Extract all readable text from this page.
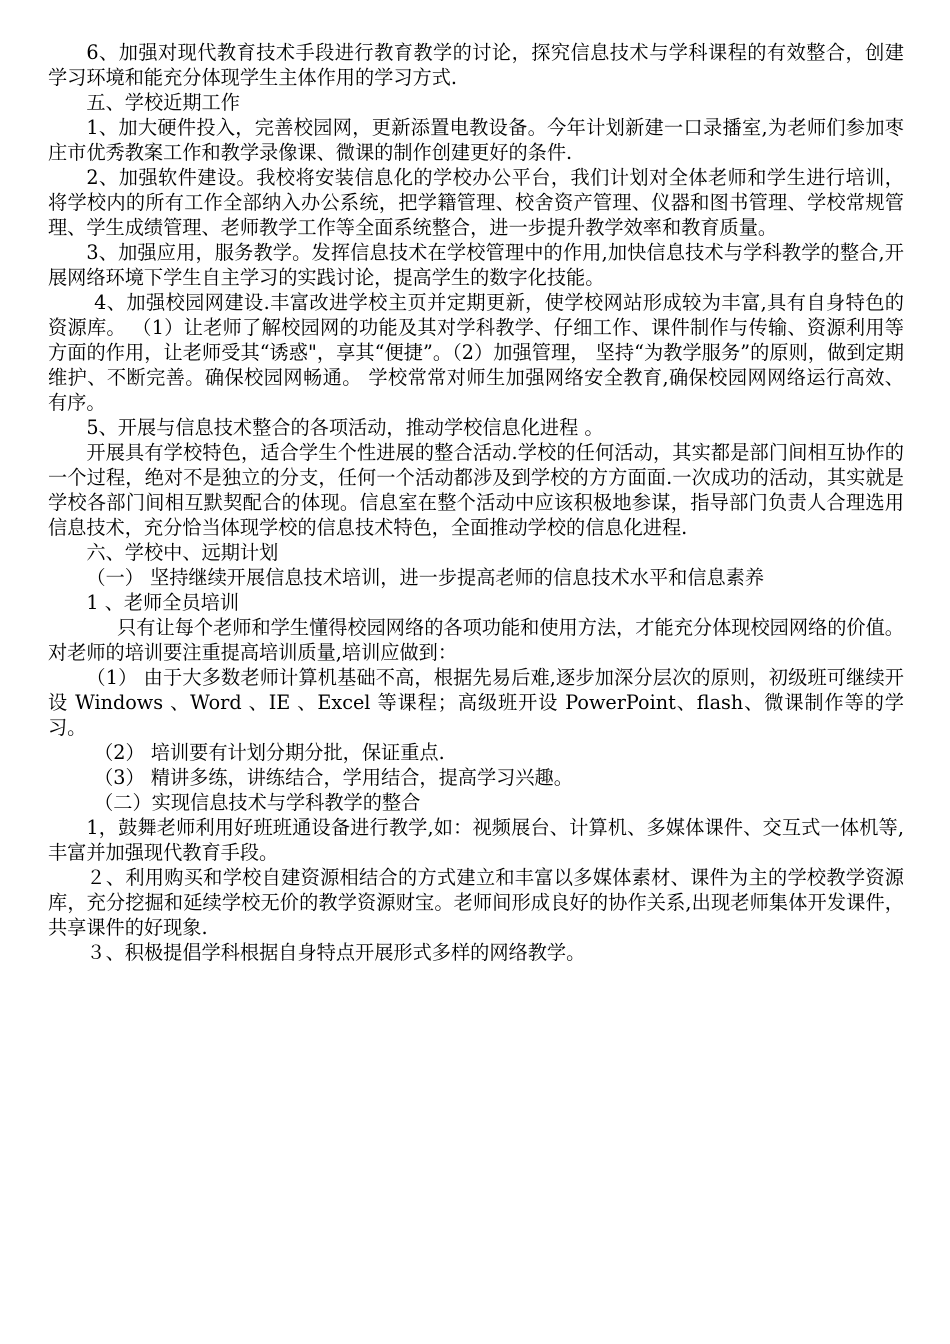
6、加强对现代教育技术手段进行教育教学的讨论，探究信息技术与学科课程的有效整合，创建学习环境和能充分体现学生主体作用的学习方式.

五、学校近期工作

1、加大硬件投入，完善校园网，更新添置电教设备。今年计划新建一口录播室,为老师们参加枣庄市优秀教案工作和教学录像课、微课的制作创建更好的条件.

2、加强软件建设。我校将安装信息化的学校办公平台，我们计划对全体老师和学生进行培训，将学校内的所有工作全部纳入办公系统，把学籍管理、校舍资产管理、仪器和图书管理、学校常规管理、学生成绩管理、老师教学工作等全面系统整合，进一步提升教学效率和教育质量。

3、加强应用，服务教学。发挥信息技术在学校管理中的作用,加快信息技术与学科教学的整合,开展网络环境下学生自主学习的实践讨论，提高学生的数字化技能。

4、加强校园网建设.丰富改进学校主页并定期更新，使学校网站形成较为丰富,具有自身特色的资源库。 （1）让老师了解校园网的功能及其对学科教学、仔细工作、课件制作与传输、资源利用等方面的作用，让老师受其“诱惑"，享其“便捷”。（2）加强管理， 坚持“为教学服务”的原则，做到定期维护、不断完善。确保校园网畅通。 学校常常对师生加强网络安全教育,确保校园网网络运行高效、有序。

5、开展与信息技术整合的各项活动，推动学校信息化进程 。

开展具有学校特色，适合学生个性进展的整合活动.学校的任何活动，其实都是部门间相互协作的一个过程，绝对不是独立的分支，任何一个活动都涉及到学校的方方面面.一次成功的活动，其实就是学校各部门间相互默契配合的体现。信息室在整个活动中应该积极地参谋，指导部门负责人合理选用信息技术，充分恰当体现学校的信息技术特色，全面推动学校的信息化进程.

六、学校中、远期计划

（一） 坚持继续开展信息技术培训，进一步提高老师的信息技术水平和信息素养

1 、老师全员培训

只有让每个老师和学生懂得校园网络的各项功能和使用方法，才能充分体现校园网络的价值。对老师的培训要注重提高培训质量,培训应做到：

（1） 由于大多数老师计算机基础不高，根据先易后难,逐步加深分层次的原则，初级班可继续开设 Windows 、Word 、IE 、Excel 等课程；高级班开设 PowerPoint、flash、微课制作等的学习。

（2） 培训要有计划分期分批，保证重点.

（3） 精讲多练，讲练结合，学用结合，提高学习兴趣。

（二）实现信息技术与学科教学的整合

1，鼓舞老师利用好班班通设备进行教学,如：视频展台、计算机、多媒体课件、交互式一体机等,丰富并加强现代教育手段。

２、利用购买和学校自建资源相结合的方式建立和丰富以多媒体素材、课件为主的学校教学资源库，充分挖掘和延续学校无价的教学资源财宝。老师间形成良好的协作关系,出现老师集体开发课件，共享课件的好现象.

３、积极提倡学科根据自身特点开展形式多样的网络教学。
